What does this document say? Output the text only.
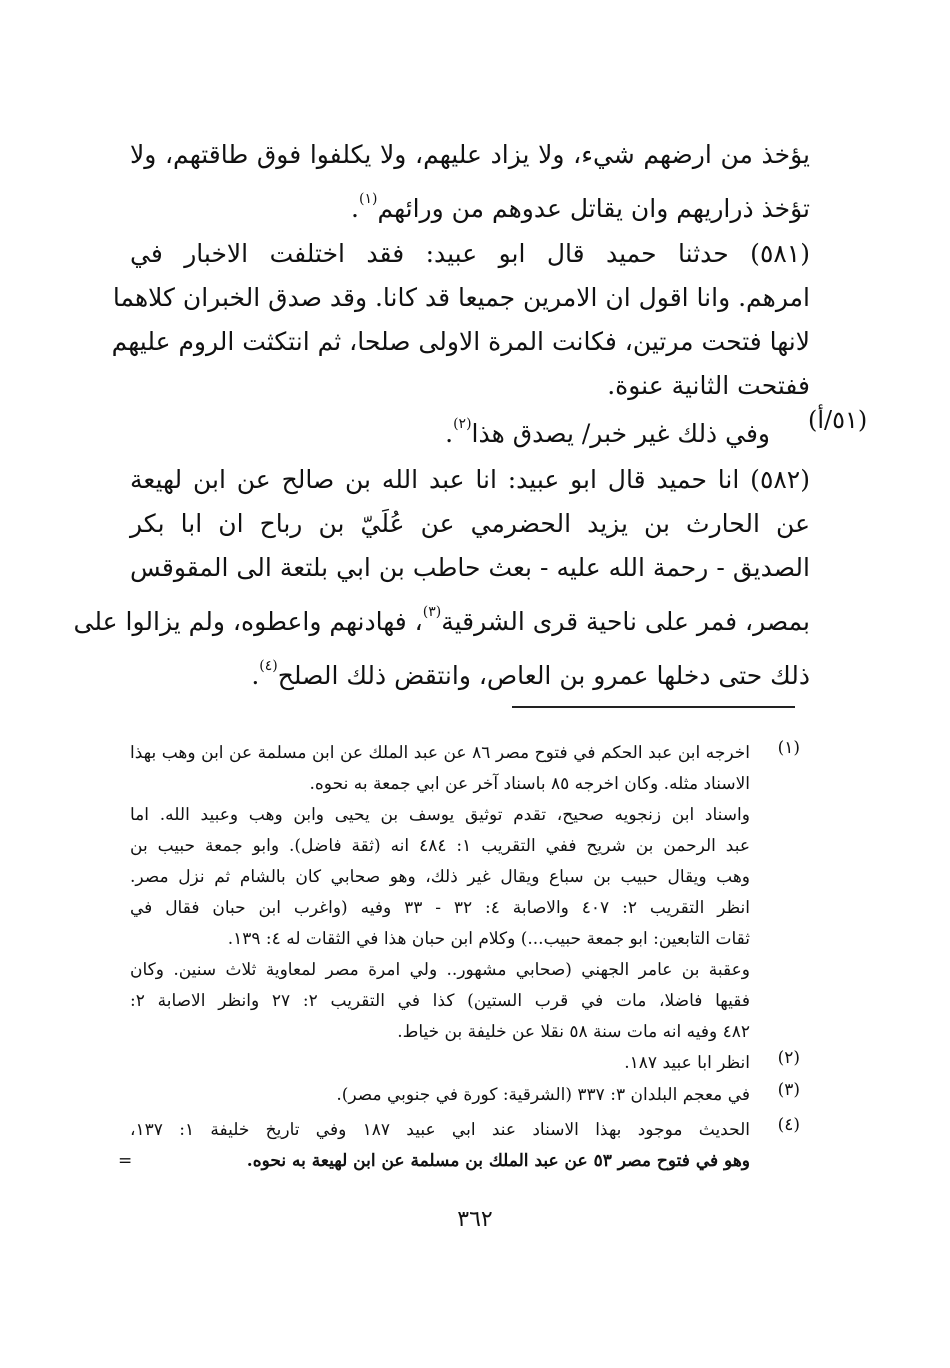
يؤخذ من ارضهم شيء، ولا يزاد عليهم، ولا يكلفوا فوق طاقتهم، ولا
تؤخذ ذراريهم وان يقاتل عدوهم من ورائهم$^{(١)}$.
(٥٨١) حدثنا حميد قال ابو عبيد: فقد اختلفت الاخبار في
امرهم. وانا اقول ان الامرين جميعا قد كانا. وقد صدق الخبران كلاهما
لانها فتحت مرتين، فكانت المرة الاولى صلحا، ثم انتكثت الروم عليهم
ففتحت الثانية عنوة.
(٥١/أ)
وفي ذلك غير خبر/ يصدق هذا$^{(٢)}$.
(٥٨٢) انا حميد قال ابو عبيد: انا عبد الله بن صالح عن ابن لهيعة
عن الحارث بن يزيد الحضرمي عن عُلَيّ بن رباح ان ابا بكر
الصديق - رحمة الله عليه - بعث حاطب بن ابي بلتعة الى المقوقس
بمصر، فمر على ناحية قرى الشرقية$^{(٣)}$، فهادنهم واعطوه، ولم يزالوا على
ذلك حتى دخلها عمرو بن العاص، وانتقض ذلك الصلح$^{(٤)}$.
(١)
اخرجه ابن عبد الحكم في فتوح مصر ٨٦ عن عبد الملك عن ابن مسلمة عن ابن وهب بهذا
الاسناد مثله. وكان اخرجه ٨٥ باسناد آخر عن ابي جمعة به نحوه.
واسناد ابن زنجويه صحيح، تقدم توثيق يوسف بن يحيى وابن وهب وعبيد الله. اما
عبد الرحمن بن شريح ففي التقريب ١: ٤٨٤ انه (ثقة فاضل). وابو جمعة حبيب بن
وهب ويقال حبيب بن سباع ويقال غير ذلك، وهو صحابي كان بالشام ثم نزل مصر.
انظر التقريب ٢: ٤٠٧ والاصابة ٤: ٣٢ - ٣٣ وفيه (واغرب ابن حبان فقال في
ثقات التابعين: ابو جمعة حبيب...) وكلام ابن حبان هذا في الثقات له ٤: ١٣٩.
وعقبة بن عامر الجهني (صحابي مشهور.. ولي امرة مصر لمعاوية ثلاث سنين. وكان
فقيها فاضلا، مات في قرب الستين) كذا في التقريب ٢: ٢٧ وانظر الاصابة ٢:
٤٨٢ وفيه انه مات سنة ٥٨ نقلا عن خليفة بن خياط.
(٢)
انظر ابا عبيد ١٨٧.
(٣)
في معجم البلدان ٣: ٣٣٧ (الشرقية: كورة في جنوبي مصر).
(٤)
الحديث موجود بهذا الاسناد عند ابي عبيد ١٨٧ وفي تاريخ خليفة ١: ١٣٧،
وهو في فتوح مصر ٥٣ عن عبد الملك بن مسلمة عن ابن لهيعة به نحوه.
=
٣٦٢
